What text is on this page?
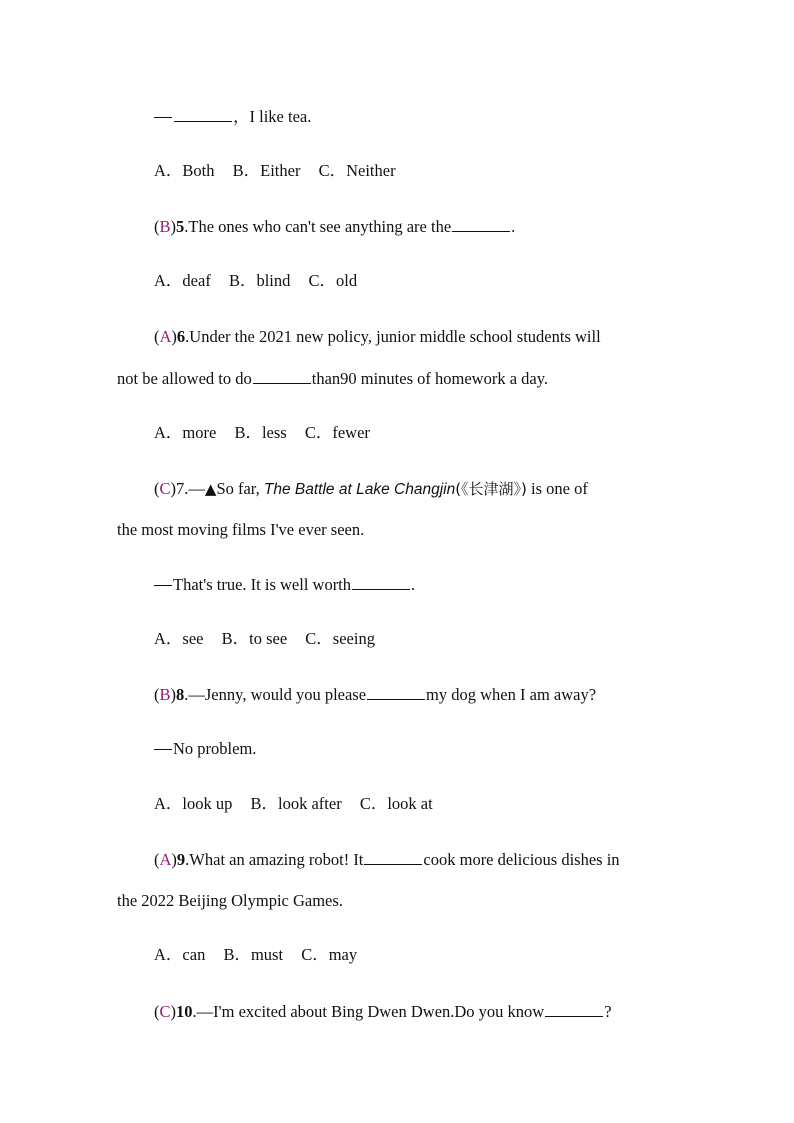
，I like tea.
A．Both B．Either C．Neither
(B)5.The ones who can't see anything are the	.
A．deaf B．blind C．old
(A)6.Under the 2021 new policy, junior middle school students will
not be allowed to do	than90 minutes of homework a day.
A．more B．less C．fewer
(C)7.—▲So far, The Battle at Lake Changjin(《长津湖》) is one of
the most moving films I've ever seen.
That's true. It is well worth	.
A．see B．to see C．seeing
(B)8.—Jenny, would you please	my dog when I am away?
No problem.
A．look up B．look after C．look at
(A)9.What an amazing robot! It	cook more delicious dishes in
the 2022 Beijing Olympic Games.
A．can B．must C．may
(C)10.—I'm excited about Bing Dwen Dwen.Do you know	?
